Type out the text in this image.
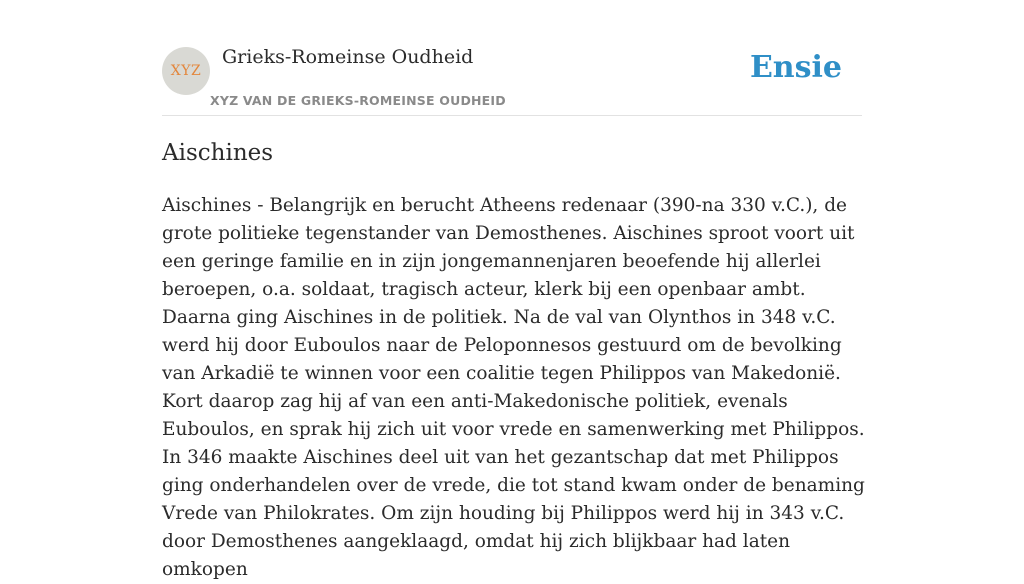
XYZ
Grieks-Romeinse Oudheid
XYZ VAN DE GRIEKS-ROMEINSE OUDHEID
Ensie
Aischines

Aischines - Belangrijk en berucht Atheens redenaar (390-na 330 v.C.), de grote politieke tegenstander van Demosthenes. Aischines sproot voort uit een geringe familie en in zijn jongemannenjaren beoefende hij allerlei beroepen, o.a. soldaat, tragisch acteur, klerk bij een openbaar ambt. Daarna ging Aischines in de politiek. Na de val van Olynthos in 348 v.C. werd hij door Euboulos naar de Peloponnesos gestuurd om de bevolking van Arkadië te winnen voor een coalitie tegen Philippos van Makedonië. Kort daarop zag hij af van een anti-Makedonische politiek, evenals Euboulos, en sprak hij zich uit voor vrede en samenwerking met Philippos. In 346 maakte Aischines deel uit van het gezantschap dat met Philippos ging onderhandelen over de vrede, die tot stand kwam onder de benaming Vrede van Philokrates. Om zijn houding bij Philippos werd hij in 343 v.C. door Demosthenes aangeklaagd, omdat hij zich blijkbaar had laten omkopen
